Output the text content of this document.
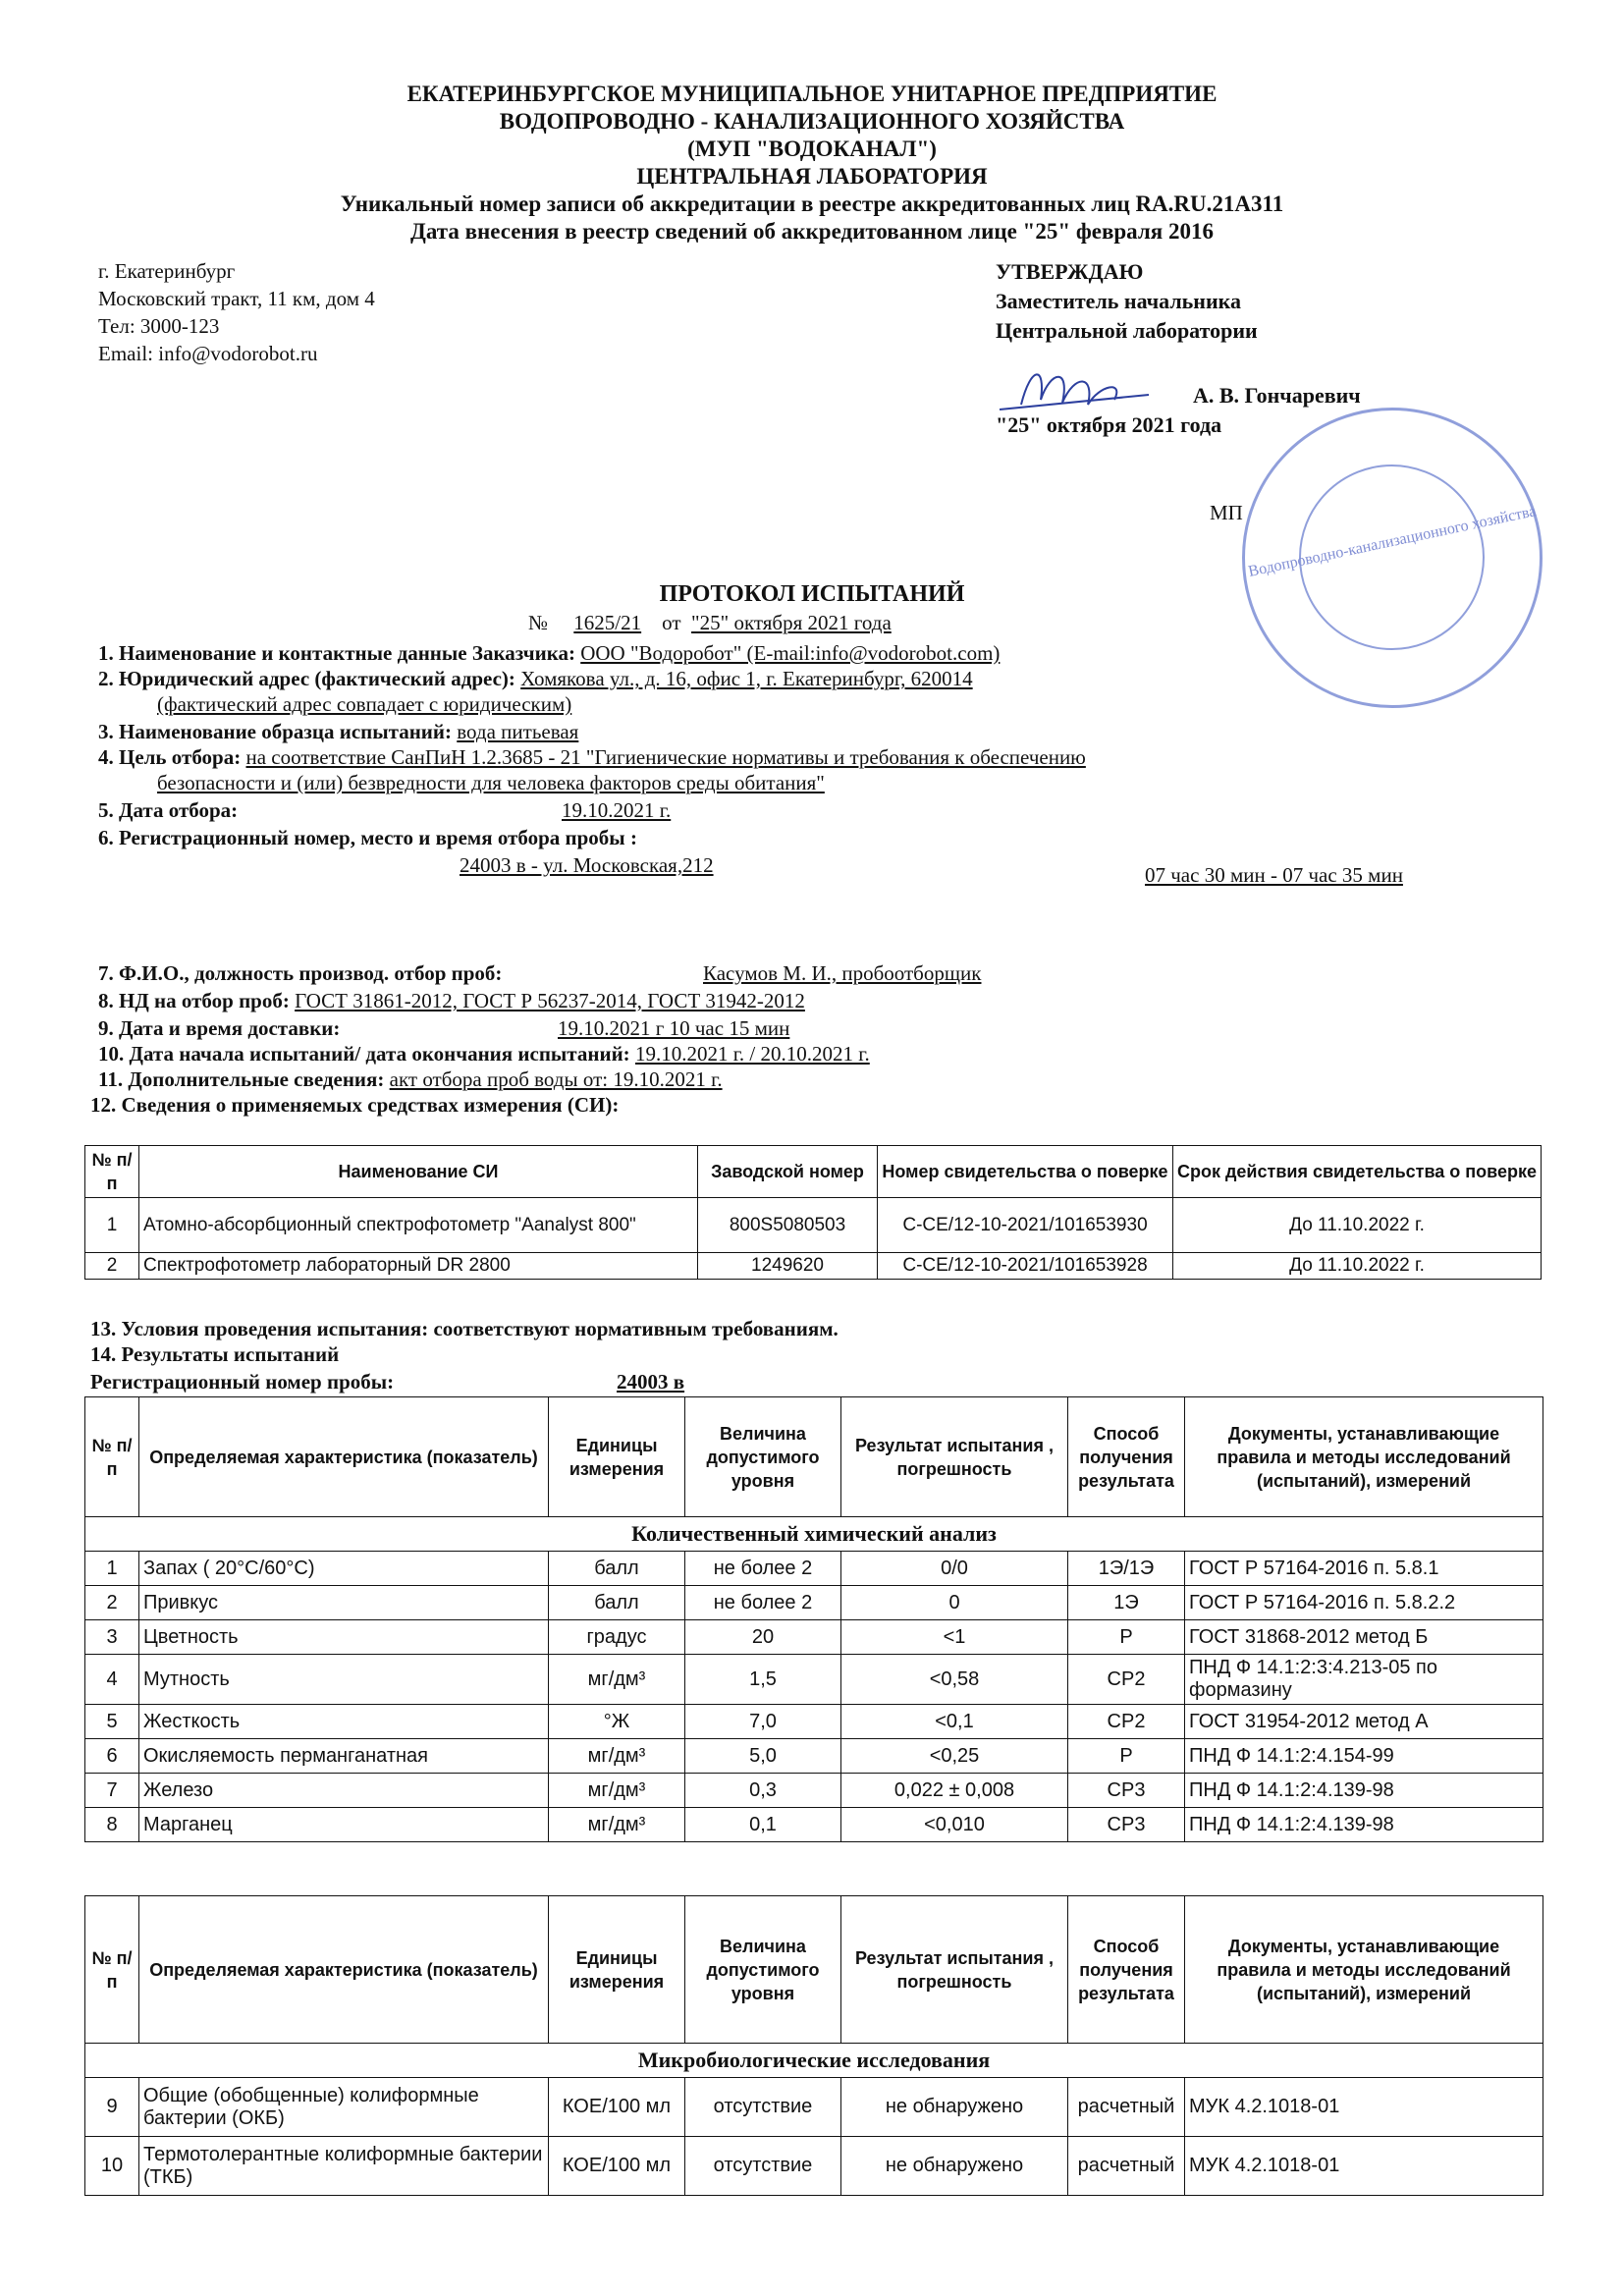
ЕКАТЕРИНБУРГСКОЕ МУНИЦИПАЛЬНОЕ УНИТАРНОЕ ПРЕДПРИЯТИЕ
ВОДОПРОВОДНО - КАНАЛИЗАЦИОННОГО ХОЗЯЙСТВА
(МУП "ВОДОКАНАЛ")
ЦЕНТРАЛЬНАЯ ЛАБОРАТОРИЯ
Уникальный номер записи об аккредитации в реестре аккредитованных лиц RA.RU.21А311
Дата внесения в реестр сведений об аккредитованном лице "25" февраля 2016
г. Екатеринбург
Московский тракт, 11 км, дом 4
Тел: 3000-123
Email: info@vodorobot.ru
УТВЕРЖДАЮ
Заместитель начальника
Центральной лаборатории
А. В. Гончаревич
"25" октября 2021 года
МП Водопроводно-канализационного хозяйства
ПРОТОКОЛ ИСПЫТАНИЙ
№ 1625/21 от "25" октября 2021 года
1. Наименование и контактные данные Заказчика: ООО "Водоробот" (E-mail:info@vodorobot.com)
2. Юридический адрес (фактический адрес): Хомякова ул., д. 16, офис 1, г. Екатеринбург, 620014
(фактический адрес совпадает с юридическим)
3. Наименование образца испытаний: вода питьевая
4. Цель отбора: на соответствие СанПиН 1.2.3685 - 21 "Гигиенические нормативы и требования к обеспечению
безопасности и (или) безвредности для человека факторов среды обитания"
5. Дата отбора:	19.10.2021 г.
6. Регистрационный номер, место и время отбора пробы :
24003 в - ул. Московская,212	07 час 30 мин - 07 час 35 мин
7. Ф.И.О., должность производ. отбор проб:	Касумов М. И., пробоотборщик
8. НД на отбор проб: ГОСТ 31861-2012, ГОСТ Р 56237-2014, ГОСТ 31942-2012
9. Дата и время доставки:	19.10.2021 г 10 час 15 мин
10. Дата начала испытаний/ дата окончания испытаний: 19.10.2021 г. / 20.10.2021 г.
11. Дополнительные сведения: акт отбора проб воды от: 19.10.2021 г.
12. Сведения о применяемых средствах измерения (СИ):
№ п/п	Наименование СИ	Заводской номер	Номер свидетельства о поверке	Срок действия свидетельства о поверке
1	Атомно-абсорбционный спектрофотометр "Aanalyst 800"	800S5080503	С-СЕ/12-10-2021/101653930	До 11.10.2022 г.
2	Спектрофотометр лабораторный DR 2800	1249620	С-СЕ/12-10-2021/101653928	До 11.10.2022 г.
13. Условия проведения испытания: соответствуют нормативным требованиям.
14. Результаты испытаний
Регистрационный номер пробы:	24003 в
№ п/п	Определяемая характеристика (показатель)	Единицы измерения	Величина допустимого уровня	Результат испытания , погрешность	Способ получения результата	Документы, устанавливающие правила и методы исследований (испытаний), измерений
Количественный химический анализ						
1	Запах ( 20°С/60°С)	балл	не более 2	0/0	1Э/1Э	ГОСТ Р 57164-2016 п. 5.8.1
2	Привкус	балл	не более 2	0	1Э	ГОСТ Р 57164-2016 п. 5.8.2.2
3	Цветность	градус	20	<1	Р	ГОСТ 31868-2012 метод Б
4	Мутность	мг/дм³	1,5	<0,58	СР2	ПНД Ф 14.1:2:3:4.213-05 по формазину
5	Жесткость	°Ж	7,0	<0,1	СР2	ГОСТ 31954-2012 метод А
6	Окисляемость перманганатная	мг/дм³	5,0	<0,25	Р	ПНД Ф 14.1:2:4.154-99
7	Железо	мг/дм³	0,3	0,022 ± 0,008	СР3	ПНД Ф 14.1:2:4.139-98
8	Марганец	мг/дм³	0,1	<0,010	СР3	ПНД Ф 14.1:2:4.139-98
№ п/п	Определяемая характеристика (показатель)	Единицы измерения	Величина допустимого уровня	Результат испытания , погрешность	Способ получения результата	Документы, устанавливающие правила и методы исследований (испытаний), измерений
Микробиологические исследования						
9	Общие (обобщенные) колиформные бактерии (ОКБ)	КОЕ/100 мл	отсутствие	не обнаружено	расчетный	МУК 4.2.1018-01
10	Термотолерантные колиформные бактерии (ТКБ)	КОЕ/100 мл	отсутствие	не обнаружено	расчетный	МУК 4.2.1018-01
